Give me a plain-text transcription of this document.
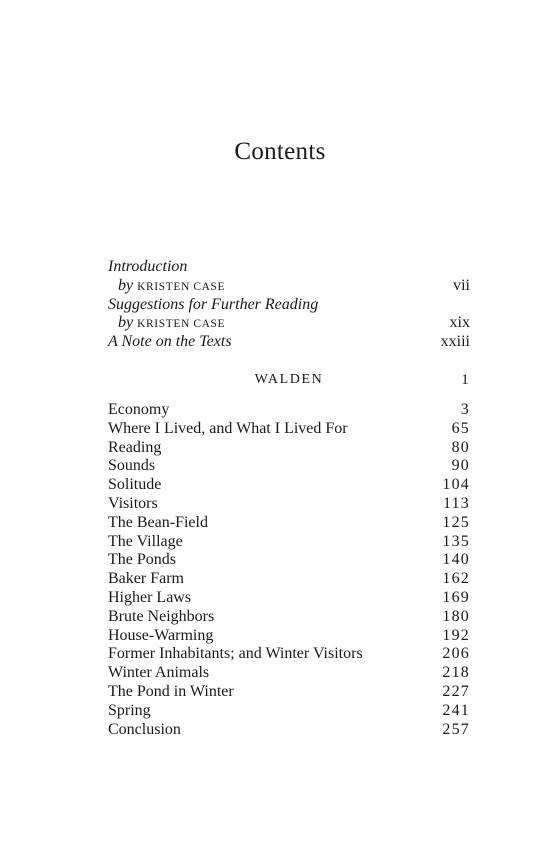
Contents
Introduction
by KRISTEN CASE	vii
Suggestions for Further Reading
by KRISTEN CASE	xix
A Note on the Texts	xxiii
WALDEN	1
Economy	3
Where I Lived, and What I Lived For	65
Reading	80
Sounds	90
Solitude	104
Visitors	113
The Bean-Field	125
The Village	135
The Ponds	140
Baker Farm	162
Higher Laws	169
Brute Neighbors	180
House-Warming	192
Former Inhabitants; and Winter Visitors	206
Winter Animals	218
The Pond in Winter	227
Spring	241
Conclusion	257
